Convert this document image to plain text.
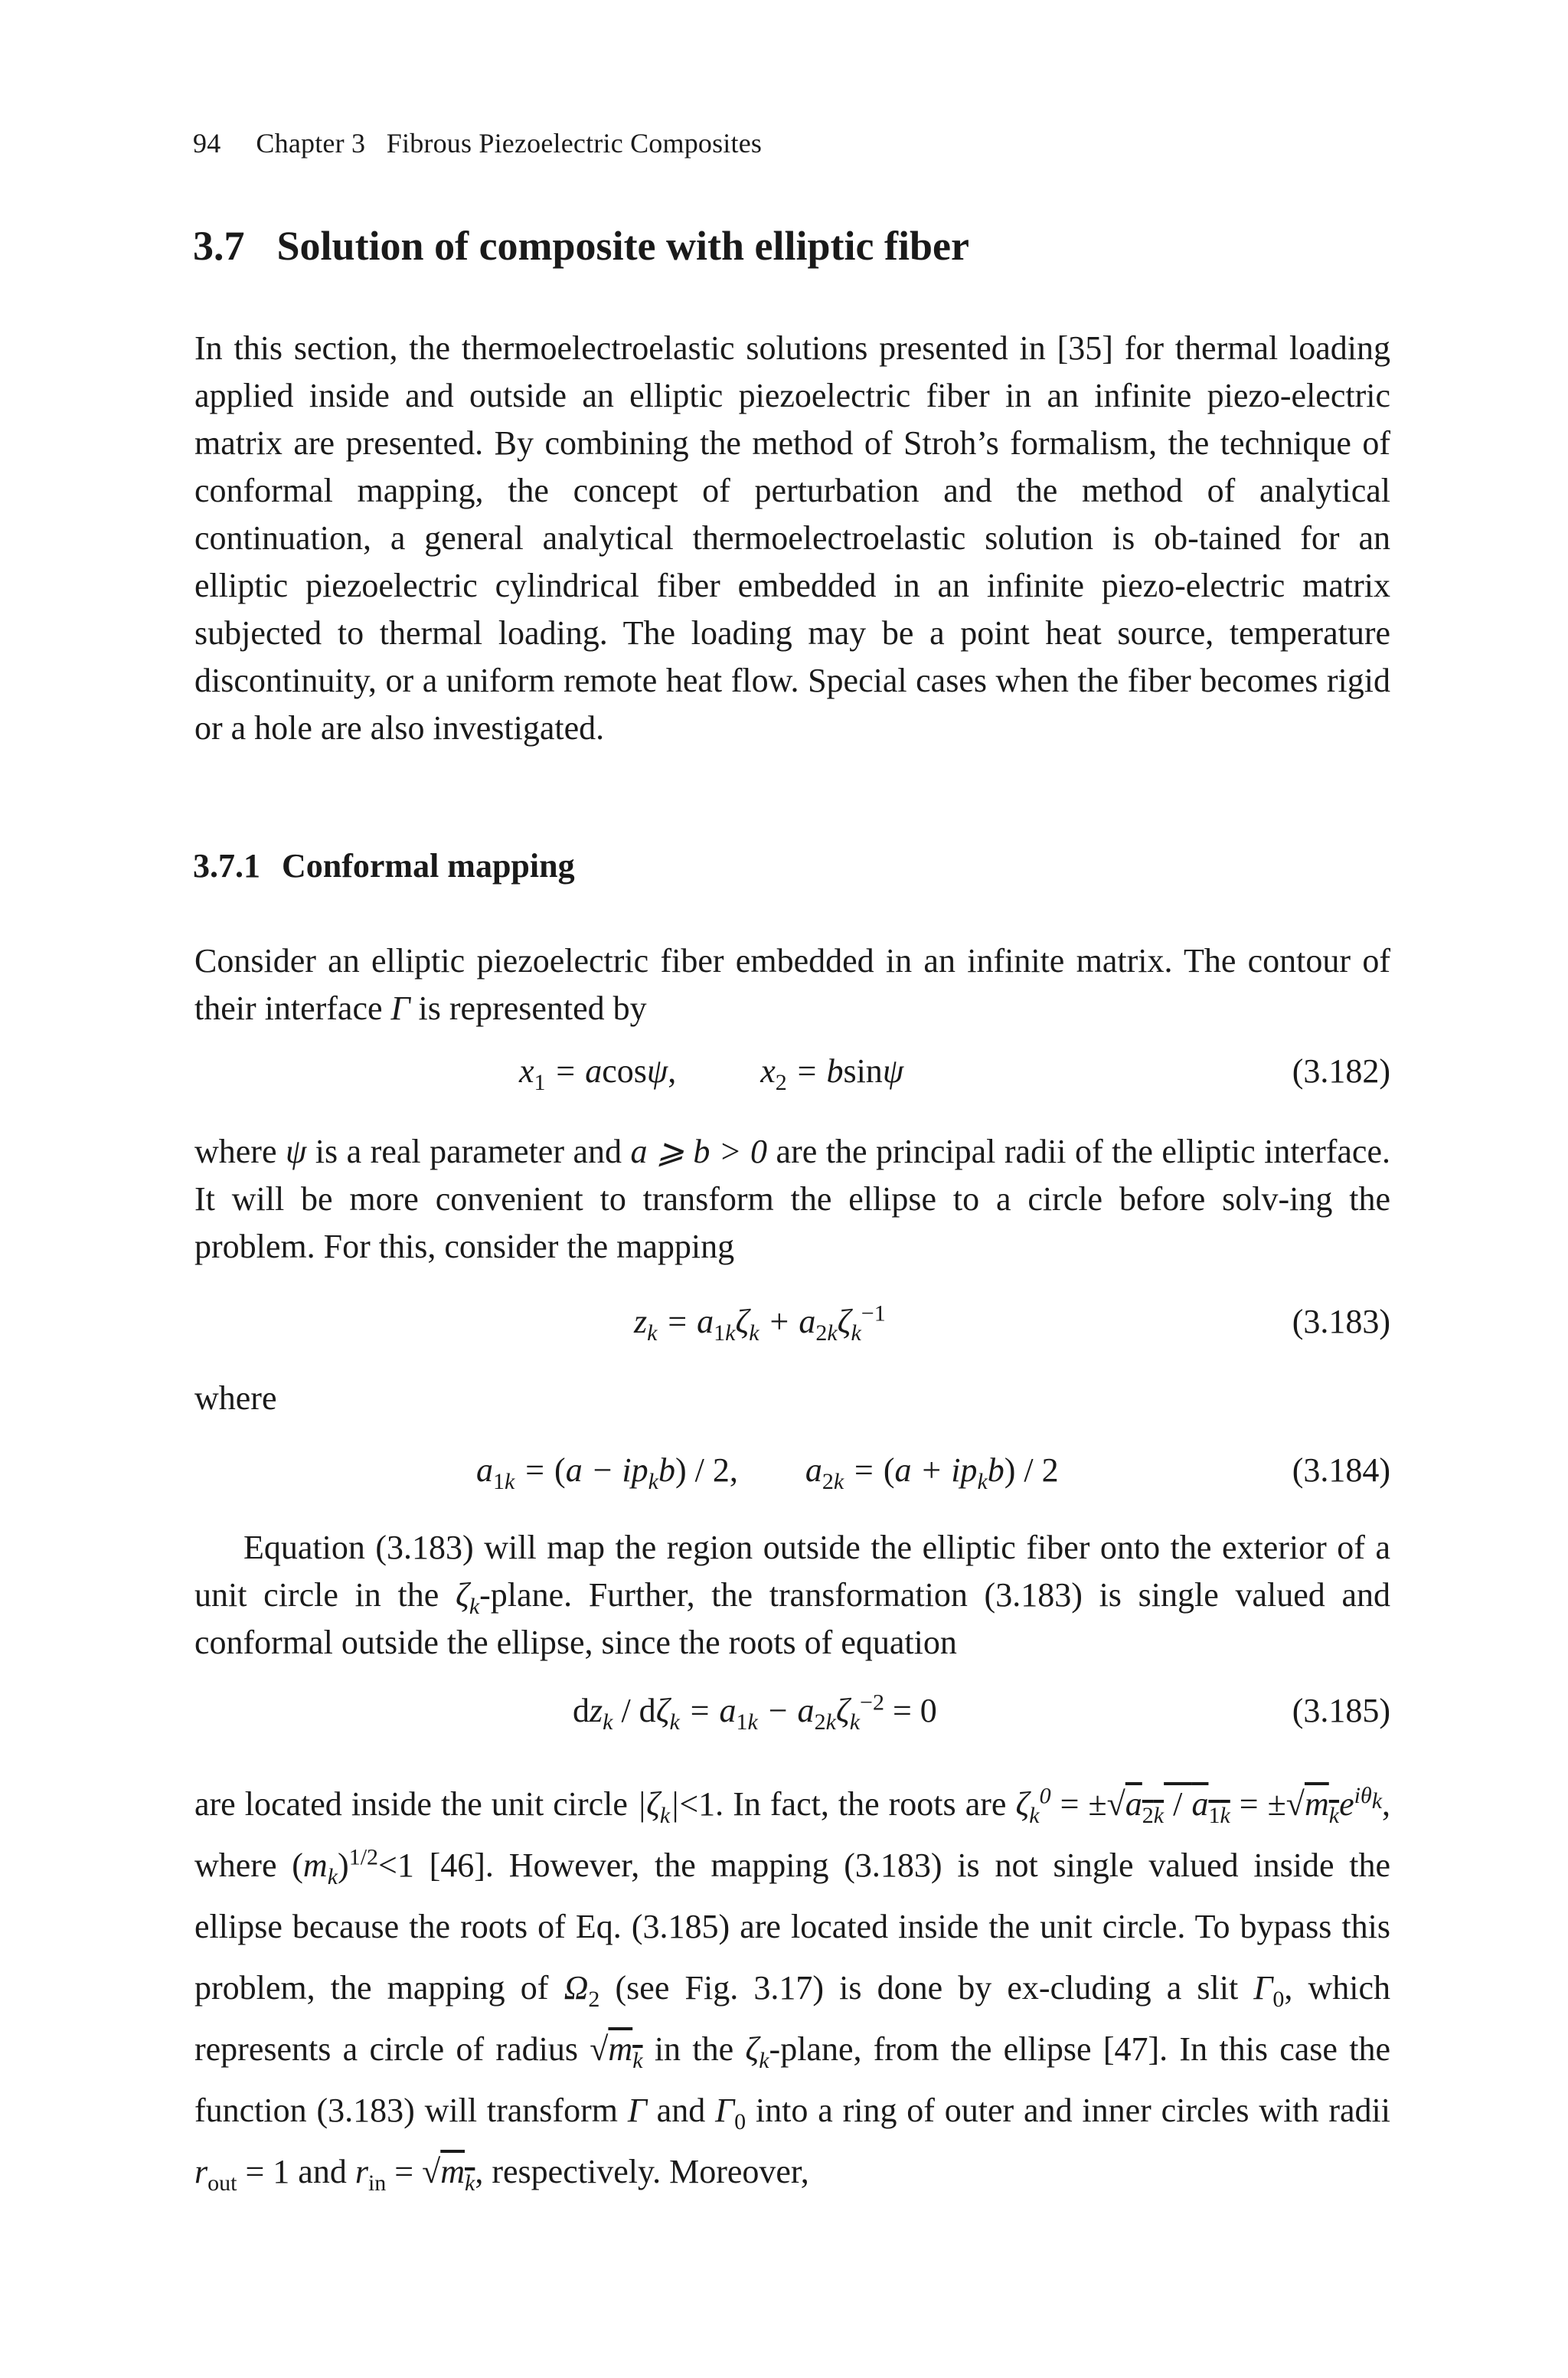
94 Chapter 3   Fibrous Piezoelectric Composites
3.7 Solution of composite with elliptic fiber

In this section, the thermoelectroelastic solutions presented in [35] for thermal loading applied inside and outside an elliptic piezoelectric fiber in an infinite piezo-electric matrix are presented. By combining the method of Stroh’s formalism, the technique of conformal mapping, the concept of perturbation and the method of analytical continuation, a general analytical thermoelectroelastic solution is ob-tained for an elliptic piezoelectric cylindrical fiber embedded in an infinite piezo-electric matrix subjected to thermal loading. The loading may be a point heat source, temperature discontinuity, or a uniform remote heat flow. Special cases when the fiber becomes rigid or a hole are also investigated.

3.7.1 Conformal mapping

Consider an elliptic piezoelectric fiber embedded in an infinite matrix. The contour of their interface Γ is represented by

$x_1 = acos\psi$,          $x_2 = bsin\psi$	(3.182)

where ψ is a real parameter and a ⩾ b > 0 are the principal radii of the elliptic interface. It will be more convenient to transform the ellipse to a circle before solv-ing the problem. For this, consider the mapping

$z_k = a_{1k}\zeta_k + a_{2k}\zeta_k^{-1}$	(3.183)
where
$a_{1k} = (a - ip_kb) / 2$,        $a_{2k} = (a + ip_kb) / 2$	(3.184)

Equation (3.183) will map the region outside the elliptic fiber onto the exterior of a unit circle in the $\zeta_k$-plane. Further, the transformation (3.183) is single valued and conformal outside the ellipse, since the roots of equation

$dz_k / d\zeta_k = a_{1k} - a_{2k}\zeta_k^{-2} = 0$	(3.185)

are located inside the unit circle $|\zeta_k|<1$. In fact, the roots are $\zeta_k^0 = \pm√a_{2k} / a_{1k} = \pm√m_ke^{i\theta_k}$, where $(m_k)^{1/2}<1$ [46]. However, the mapping (3.183) is not single valued inside the ellipse because the roots of Eq. (3.185) are located inside the unit circle. To bypass this problem, the mapping of $\Omega_2$ (see Fig. 3.17) is done by ex-cluding a slit $\Gamma_0$, which represents a circle of radius $√m_k$ in the $\zeta_k$-plane, from the ellipse [47]. In this case the function (3.183) will transform Γ and $\Gamma_0$ into a ring of outer and inner circles with radii $r_{out} = 1$ and $r_{in} = √m_k$, respectively. Moreover,
